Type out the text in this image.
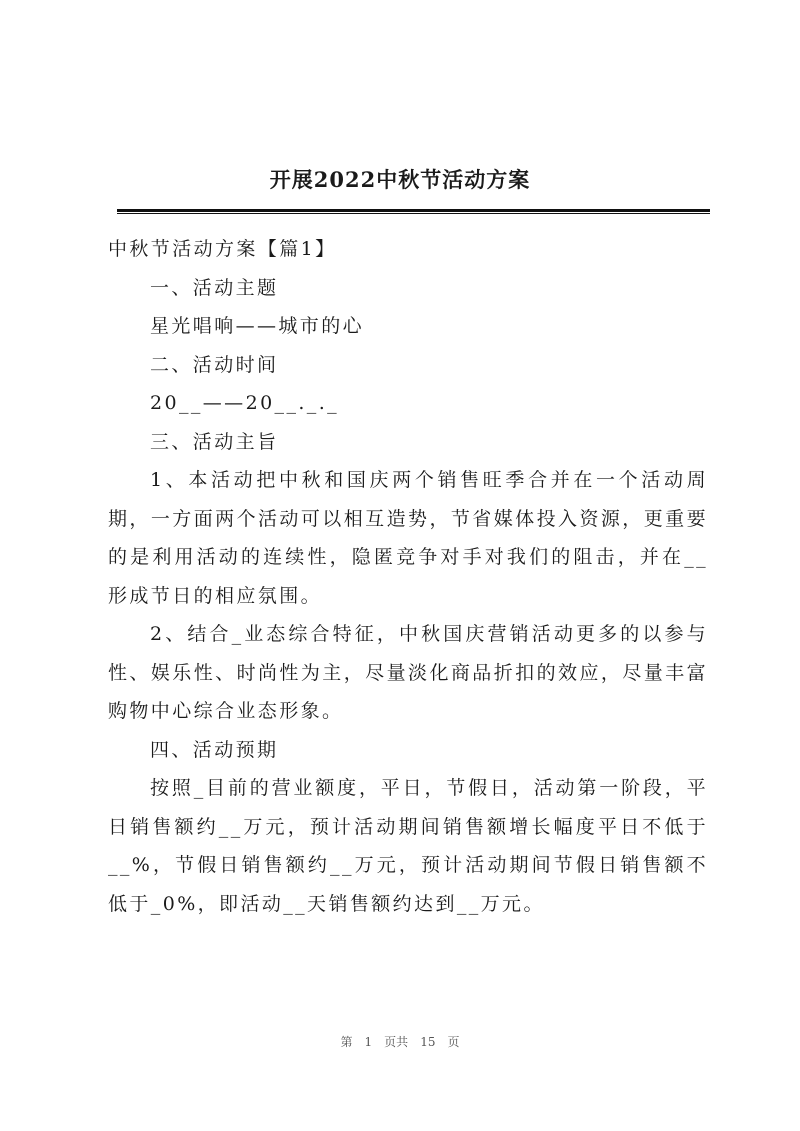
开展2022中秋节活动方案

中秋节活动方案【篇1】

一、活动主题

星光唱响——城市的心

二、活动时间

20__——20__._._

三、活动主旨

1、本活动把中秋和国庆两个销售旺季合并在一个活动周期，一方面两个活动可以相互造势，节省媒体投入资源，更重要的是利用活动的连续性，隐匿竞争对手对我们的阻击，并在__形成节日的相应氛围。

2、结合_业态综合特征，中秋国庆营销活动更多的以参与性、娱乐性、时尚性为主，尽量淡化商品折扣的效应，尽量丰富购物中心综合业态形象。

四、活动预期

按照_目前的营业额度，平日，节假日，活动第一阶段，平日销售额约__万元，预计活动期间销售额增长幅度平日不低于__%，节假日销售额约__万元，预计活动期间节假日销售额不低于_0%，即活动__天销售额约达到__万元。

第 1 页共 15 页
